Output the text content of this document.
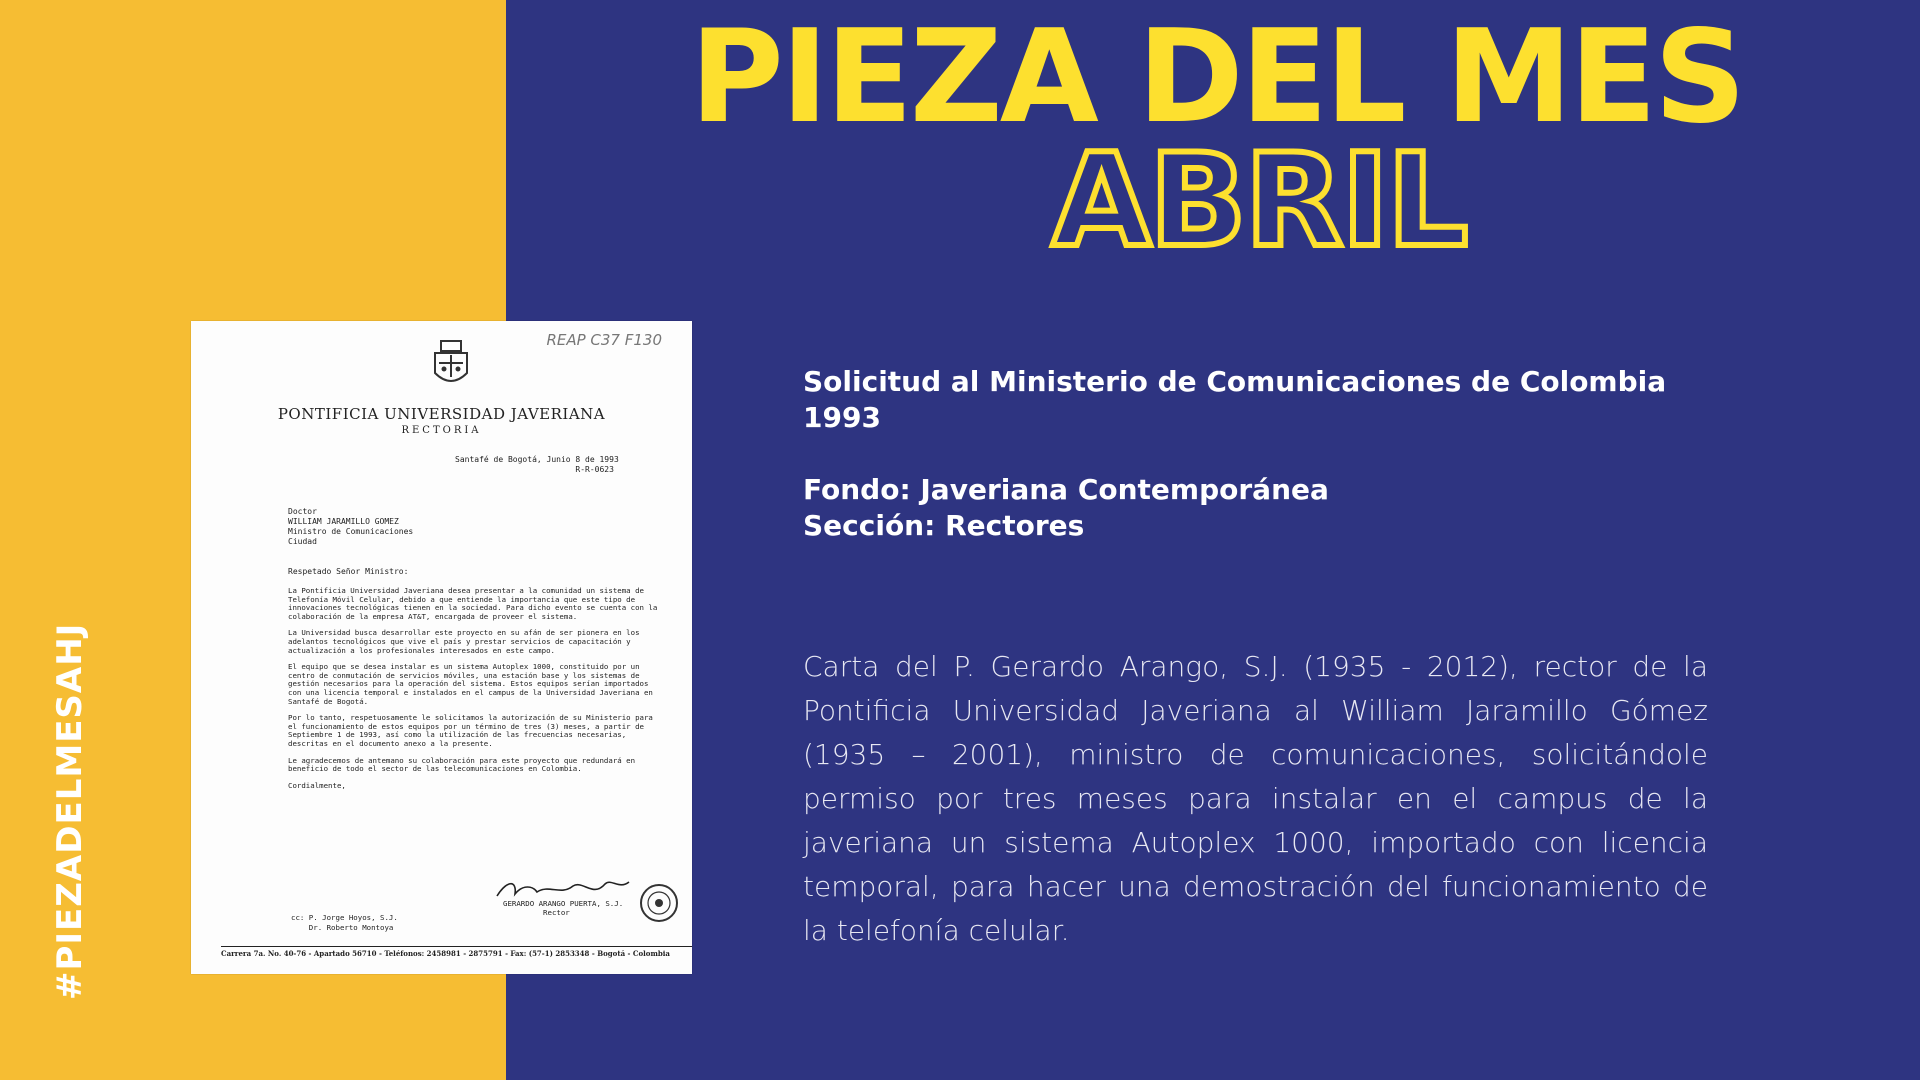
PIEZA DEL MES
ABRIL
#PIEZADELMESAHJ
REAP C37 F130
PONTIFICIA UNIVERSIDAD JAVERIANA
RECTORIA
Santafé de Bogotá, Junio 8 de 1993
R-R-0623
Doctor
WILLIAM JARAMILLO GOMEZ
Ministro de Comunicaciones
Ciudad
Respetado Señor Ministro:

La Pontificia Universidad Javeriana desea presentar a la comunidad un sistema de Telefonía Móvil Celular, debido a que entiende la importancia que este tipo de innovaciones tecnológicas tienen en la sociedad. Para dicho evento se cuenta con la colaboración de la empresa AT&T, encargada de proveer el sistema.

La Universidad busca desarrollar este proyecto en su afán de ser pionera en los adelantos tecnológicos que vive el país y prestar servicios de capacitación y actualización a los profesionales interesados en este campo.

El equipo que se desea instalar es un sistema Autoplex 1000, constituido por un centro de conmutación de servicios móviles, una estación base y los sistemas de gestión necesarios para la operación del sistema. Estos equipos serían importados con una licencia temporal e instalados en el campus de la Universidad Javeriana en Santafé de Bogotá.

Por lo tanto, respetuosamente le solicitamos la autorización de su Ministerio para el funcionamiento de estos equipos por un término de tres (3) meses, a partir de Septiembre 1 de 1993, así como la utilización de las frecuencias necesarias, descritas en el documento anexo a la presente.

Le agradecemos de antemano su colaboración para este proyecto que redundará en beneficio de todo el sector de las telecomunicaciones en Colombia.

Cordialmente,

GERARDO ARANGO PUERTA, S.J.
Rector
cc: P. Jorge Hoyos, S.J.
Dr. Roberto Montoya
Carrera 7a. No. 40-76 - Apartado 56710 - Teléfonos: 2458981 - 2875791 - Fax: (57-1) 2853348 - Bogotá - Colombia
Solicitud al Ministerio de Comunicaciones de Colombia
1993
Fondo: Javeriana Contemporánea
Sección: Rectores
Carta del P. Gerardo Arango, S.J. (1935 - 2012), rector de la Pontificia Universidad Javeriana al William Jaramillo Gómez (1935 – 2001), ministro de comunicaciones, solicitándole permiso por tres meses para instalar en el campus de la javeriana un sistema Autoplex 1000, importado con licencia temporal, para hacer una demostración del funcionamiento de la telefonía celular.
